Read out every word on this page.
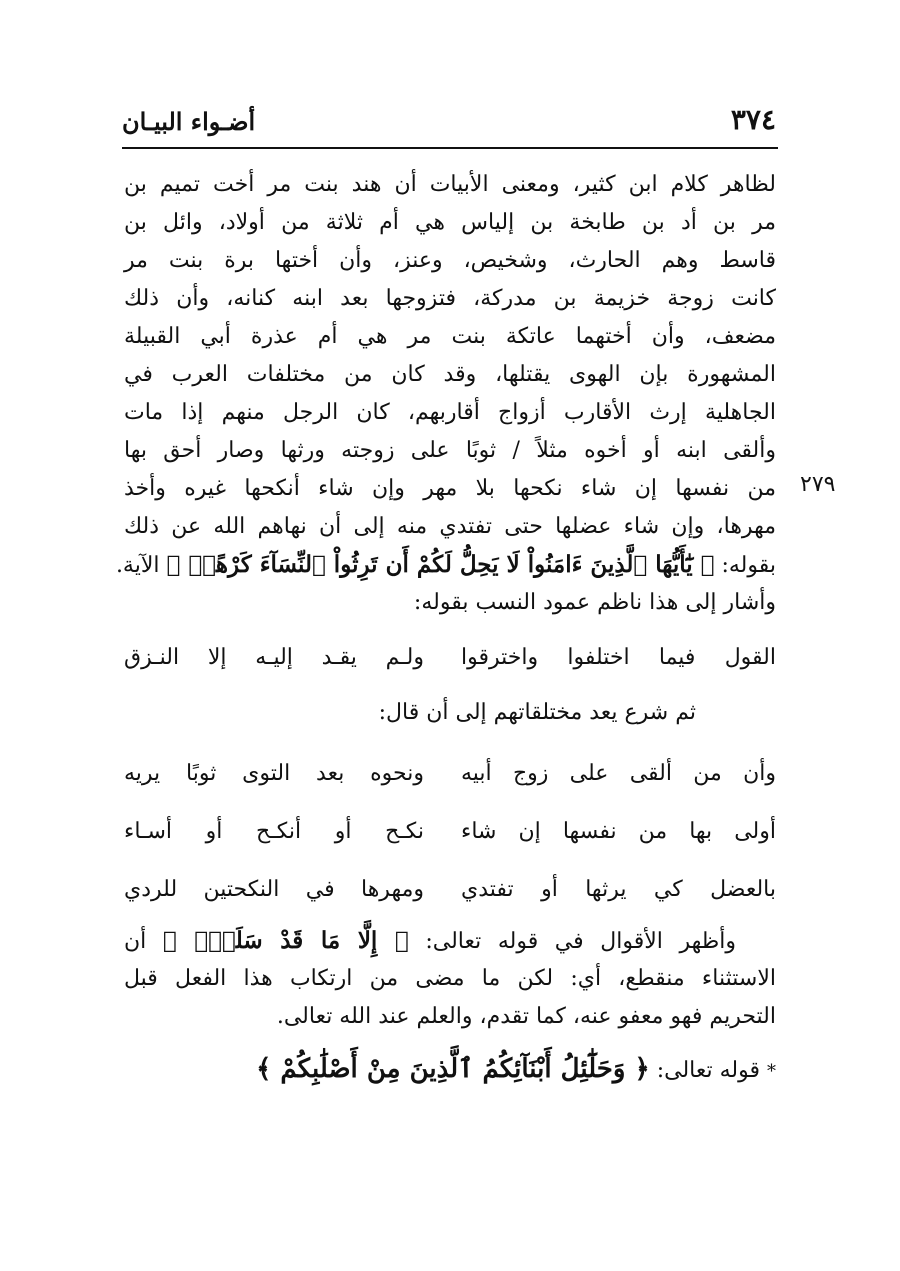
٣٧٤
أضـواء البيـان
٢٧٩
لظاهر كلام ابن كثير، ومعنى الأبيات أن هند بنت مر أخت تميم بن
مر بن أد بن طابخة بن إلياس هي أم ثلاثة من أولاد، وائل بن
قاسط وهم الحارث، وشخيص، وعنز، وأن أختها برة بنت مر
كانت زوجة خزيمة بن مدركة، فتزوجها بعد ابنه كنانه، وأن ذلك
مضعف، وأن أختهما عاتكة بنت مر هي أم عذرة أبي القبيلة
المشهورة بإن الهوى يقتلها، وقد كان من مختلفات العرب في
الجاهلية إرث الأقارب أزواج أقاربهم، كان الرجل منهم إذا مات
وألقى ابنه أو أخوه مثلاً / ثوبًا على زوجته ورثها وصار أحق بها
من نفسها إن شاء نكحها بلا مهر وإن شاء أنكحها غيره وأخذ
مهرها، وإن شاء عضلها حتى تفتدي منه إلى أن نهاهم الله عن ذلك
بقوله: ﴿ يَٰٓأَيُّهَا ٱلَّذِينَ ءَامَنُواْ لَا يَحِلُّ لَكُمْ أَن تَرِثُواْ ٱلنِّسَآءَ كَرْهًاۖ ﴾ الآية.
وأشار إلى هذا ناظم عمود النسب بقوله:
القول فيما اختلفوا واخترقوا
ولـم يقـد إليـه إلا النـزق
ثم شرع يعد مختلقاتهم إلى أن قال:
وأن من ألقى على زوج أبيه
ونحوه بعد التوى ثوبًا يريه
أولى بها من نفسها إن شاء
نكـح أو أنكـح أو أسـاء
بالعضل كي يرثها أو تفتدي
ومهرها في النكحتين للردي
وأظهر الأقوال في قوله تعالى: ﴿ إِلَّا مَا قَدْ سَلَفَۚ ﴾ أن
الاستثناء منقطع، أي: لكن ما مضى من ارتكاب هذا الفعل قبل
التحريم فهو معفو عنه، كما تقدم، والعلم عند الله تعالى.
* قوله تعالى: ﴿ وَحَلَٰٓئِلُ أَبْنَآئِكُمُ ٱلَّذِينَ مِنْ أَصْلَٰبِكُمْ ﴾
